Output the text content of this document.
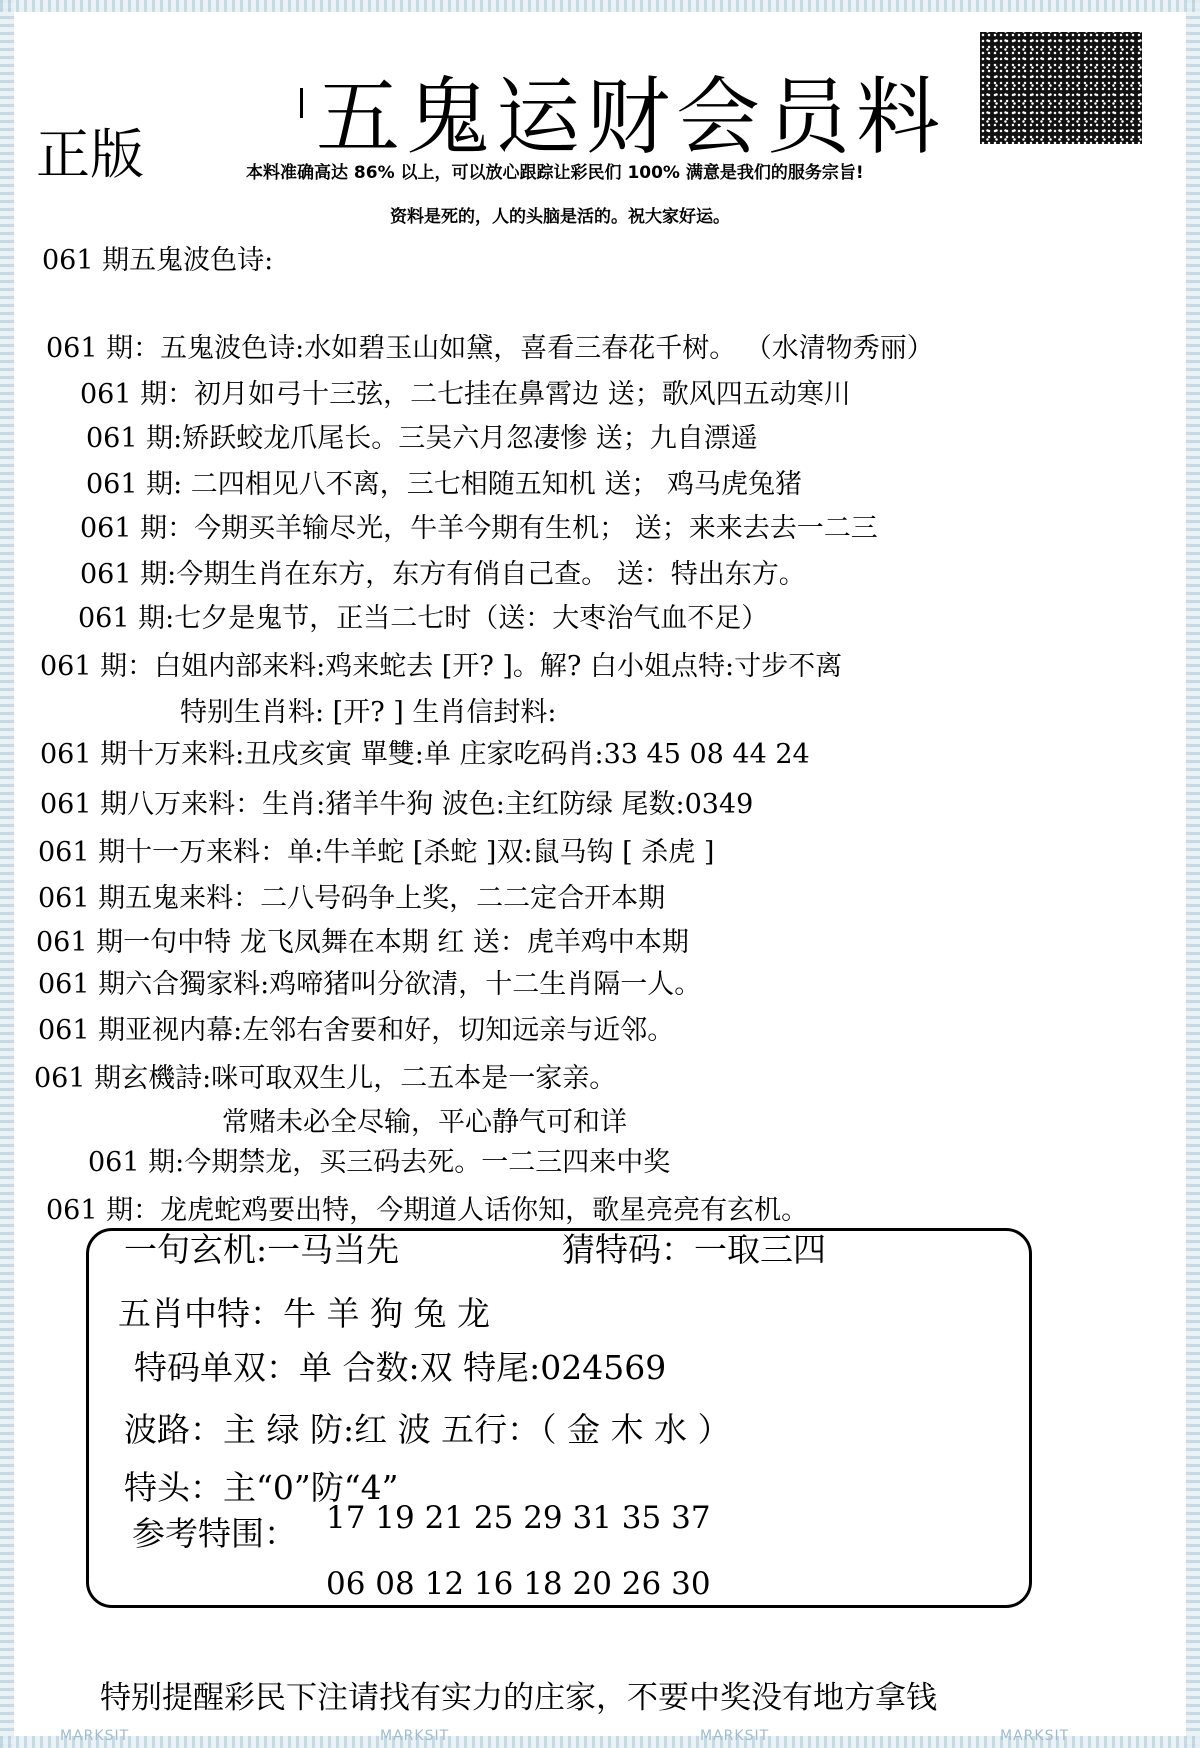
MARKSIT	MARKSIT	MARKSIT	MARKSIT
正版 五鬼运财会员料
本料准确高达 86% 以上，可以放心跟踪让彩民们 100% 满意是我们的服务宗旨!
资料是死的，人的头脑是活的。祝大家好运。
061 期五鬼波色诗:
061 期：五鬼波色诗:水如碧玉山如黛，喜看三春花千树。 （水清物秀丽）
061 期：初月如弓十三弦，二七挂在鼻霄边 送；歌风四五动寒川
061 期:矫跃蛟龙爪尾长。三吴六月忽凄惨 送；九自漂遥
061 期: 二四相见八不离，三七相随五知机 送； 鸡马虎兔猪
061 期：今期买羊输尽光，牛羊今期有生机； 送；来来去去一二三
061 期:今期生肖在东方，东方有俏自己查。 送：特出东方。
061 期:七夕是鬼节，正当二七时（送：大枣治气血不足）
061 期：白姐内部来料:鸡来蛇去 [开? ]。解? 白小姐点特:寸步不离
特别生肖料: [开? ] 生肖信封料:
061 期十万来料:丑戌亥寅 單雙:单 庄家吃码肖:33 45 08 44 24
061 期八万来料：生肖:猪羊牛狗 波色:主红防绿 尾数:0349
061 期十一万来料：单:牛羊蛇 [杀蛇 ]双:鼠马钩 [ 杀虎 ]
061 期五鬼来料：二八号码争上奖，二二定合开本期
061 期一句中特 龙飞凤舞在本期 红 送：虎羊鸡中本期
061 期六合獨家料:鸡啼猪叫分欲清，十二生肖隔一人。
061 期亚视内幕:左邻右舍要和好，切知远亲与近邻。
061 期玄機詩:咪可取双生儿，二五本是一家亲。
常赌未必全尽输，平心静气可和详
061 期:今期禁龙，买三码去死。一二三四来中奖
061 期：龙虎蛇鸡要出特，今期道人话你知，歌星亮亮有玄机。
一句玄机:一马当先	猜特码：一取三四
五肖中特：牛 羊 狗 兔 龙
特码单双：单 合数:双 特尾:024569
波路：主 绿 防:红 波 五行：（ 金 木 水 ）
特头：主“0”防“4”
参考特围： 17 19 21 25 29 31 35 37
06 08 12 16 18 20 26 30
特别提醒彩民下注请找有实力的庄家，不要中奖没有地方拿钱
